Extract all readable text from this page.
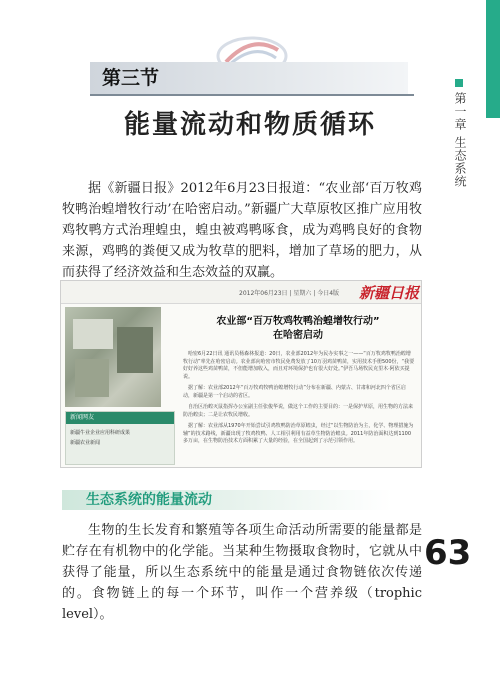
第三节
能量流动和物质循环	第一章 生态系统

据《新疆日报》2012年6月23日报道：“农业部‘百万牧鸡牧鸭治蝗增牧行动’在哈密启动。”新疆广大草原牧区推广应用牧鸡牧鸭方式治理蝗虫，蝗虫被鸡鸭啄食，成为鸡鸭良好的食物来源，鸡鸭的粪便又成为牧草的肥料，增加了草场的肥力，从而获得了经济效益和生态效益的双赢。

2012年06月23日 | 星期六 | 今日4版 新疆日报
新闻网友
新疆牛业企业应用科研成果
新疆农业新闻
农业部“百万牧鸡牧鸭治蝗增牧行动”
在哈密启动

哈密6月22日讯 通讯员杨森林报道：20日，农业部2012年为民办实事之一——“百万牧鸡牧鸭治蝗增牧行动”率先在哈密启动。农业部向哈密市牧民免费发放了10万羽鸡苗鸭苗，实用技术手册500份，“我要好好养这些鸡苗鸭苗，不但能增加收入，而且对环境保护也有很大好处。”伊吾马场牧民克里木·阿依买提说。

据了解：农业部2012年“百万牧鸡牧鸭治蝗增牧行动”分布在新疆、内蒙古、甘肃和河北四个省区启动，新疆是第一个启动的省区。

自治区治蝗灭鼠指挥办公室副主任张俊华说，做这个工作的主要目的：一是保护草原，用生物的方法来防治蝗虫；二是让农牧民增收。

据了解：农业部从1970年开始尝试引鸡牧鸭防治草原蝗虫，经过“以生物防治为主，化学、物理措施为辅”的技术路线，新疆出现了牧鸡牧鸭、人工相引利用有益草生物防治蝗虫。2011年防治面积达到1100多万亩，在生物防治技术方面积累了大量的经验，在全国起到了示范引领作用。

生态系统的能量流动

生物的生长发育和繁殖等各项生命活动所需要的能量都是贮存在有机物中的化学能。当某种生物摄取食物时，它就从中获得了能量，所以生态系统中的能量是通过食物链依次传递的。食物链上的每一个环节，叫作一个营养级（trophic level）。

63
